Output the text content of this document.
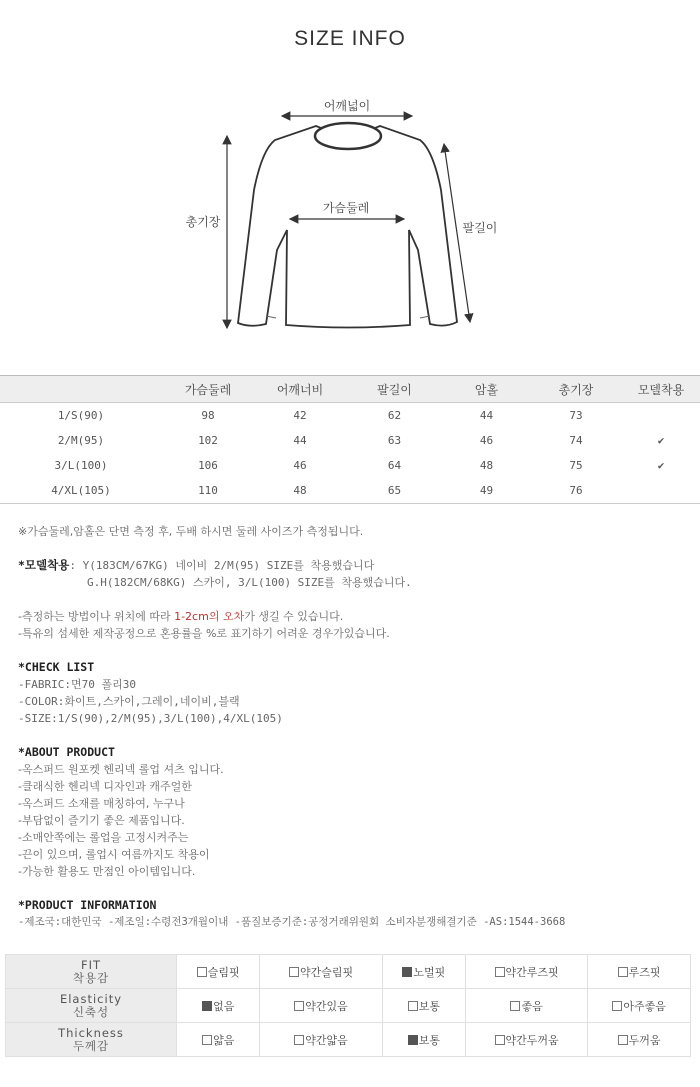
SIZE INFO
어깨넓이
가슴둘레
총기장	팔길이
	가슴둘레	어깨너비	팔길이	암홀	총기장	모델착용
1/S(90)	98	42	62	44	73	
2/M(95)	102	44	63	46	74	✔
3/L(100)	106	46	64	48	75	✔
4/XL(105)	110	48	65	49	76	

※가슴둘레,암홀은 단면 측정 후, 두배 하시면 둘레 사이즈가 측정됩니다.

*모델착용: Y(183CM/67KG) 네이비 2/M(95) SIZE를 착용했습니다

G.H(182CM/68KG) 스카이, 3/L(100) SIZE를 착용했습니다.

-측정하는 방법이나 위치에 따라 1-2cm의 오차가 생길 수 있습니다.

-특유의 섬세한 제작공정으로 혼용률을 %로 표기하기 어려운 경우가있습니다.

*CHECK LIST

-FABRIC:면70 폴리30

-COLOR:화이트,스카이,그레이,네이비,블랙

-SIZE:1/S(90),2/M(95),3/L(100),4/XL(105)

*ABOUT PRODUCT

-옥스퍼드 원포켓 헨리넥 롤업 셔츠 입니다.

-클래식한 헨리넥 디자인과 캐주얼한

-옥스퍼드 소재를 매칭하여, 누구나

-부담없이 즐기기 좋은 제품입니다.

-소매안쪽에는 롤업을 고정시켜주는

-끈이 있으며, 롤업시 여름까지도 착용이

-가능한 활용도 만점인 아이템입니다.

*PRODUCT INFORMATION

-제조국:대한민국 -제조일:수령전3개월이내 -품질보증기준:공정거래위원회 소비자분쟁해결기준 -AS:1544-3668

FIT
착용감	슬림핏	약간슬림핏	노멀핏	약간루즈핏	루즈핏
Elasticity
신축성	없음	약간있음	보통	좋음	아주좋음
Thickness
두께감	얇음	약간얇음	보통	약간두꺼움	두꺼움
